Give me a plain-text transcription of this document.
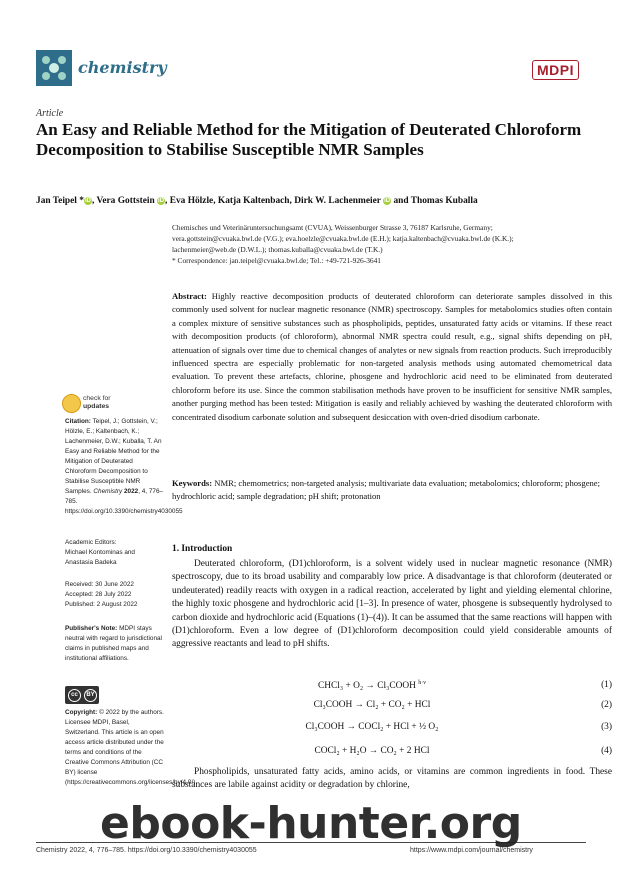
chemistry	MDPI
Article
An Easy and Reliable Method for the Mitigation of Deuterated Chloroform Decomposition to Stabilise Susceptible NMR Samples
Jan Teipel *iD, Vera Gottstein iD, Eva Hölzle, Katja Kaltenbach, Dirk W. Lachenmeier iD and Thomas Kuballa
Chemisches und Veterinäruntersuchungsamt (CVUA), Weissenburger Strasse 3, 76187 Karlsruhe, Germany;
vera.gottstein@cvuaka.bwl.de (V.G.); eva.hoelzle@cvuaka.bwl.de (E.H.); katja.kaltenbach@cvuaka.bwl.de (K.K.);
lachenmeier@web.de (D.W.L.); thomas.kuballa@cvuaka.bwl.de (T.K.)
* Correspondence: jan.teipel@cvuaka.bwl.de; Tel.: +49-721-926-3641
Abstract: Highly reactive decomposition products of deuterated chloroform can deteriorate samples dissolved in this commonly used solvent for nuclear magnetic resonance (NMR) spectroscopy. Samples for metabolomics studies often contain a complex mixture of sensitive substances such as phospholipids, peptides, unsaturated fatty acids or vitamins. If these react with decomposition products (of chloroform), abnormal NMR spectra could result, e.g., signal shifts depending on pH, attenuation of signals over time due to chemical changes of analytes or new signals from reaction products. Such irreproducibly influenced spectra are especially problematic for non-targeted analysis methods using automated chemometrical data evaluation. To prevent these artefacts, chlorine, phosgene and hydrochloric acid need to be eliminated from deuterated chloroform before its use. Since the common stabilisation methods have proven to be insufficient for sensitive NMR samples, another purging method has been tested: Mitigation is easily and reliably achieved by washing the deuterated chloroform with concentrated disodium carbonate solution and subsequent desiccation with oven-dried disodium carbonate.
Keywords: NMR; chemometrics; non-targeted analysis; multivariate data evaluation; metabolomics; chloroform; phosgene; hydrochloric acid; sample degradation; pH shift; protonation
check for
updates
Citation: Teipel, J.; Gottstein, V.; Hölzle, E.; Kaltenbach, K.; Lachenmeier, D.W.; Kuballa, T. An Easy and Reliable Method for the Mitigation of Deuterated Chloroform Decomposition to Stabilise Susceptible NMR Samples. Chemistry 2022, 4, 776–785. https://doi.org/10.3390/chemistry4030055
Academic Editors:
Michael Kontominas and
Anastasia Badeka
Received: 30 June 2022
Accepted: 28 July 2022
Published: 2 August 2022
Publisher's Note: MDPI stays neutral with regard to jurisdictional claims in published maps and institutional affiliations.
cc	BY
Copyright: © 2022 by the authors. Licensee MDPI, Basel, Switzerland. This article is an open access article distributed under the terms and conditions of the Creative Commons Attribution (CC BY) license (https://creativecommons.org/licenses/by/4.0/).
1. Introduction
Deuterated chloroform, (D1)chloroform, is a solvent widely used in nuclear magnetic resonance (NMR) spectroscopy, due to its broad usability and comparably low price. A disadvantage is that chloroform (deuterated or undeuterated) readily reacts with oxygen in a radical reaction, accelerated by light and yielding elemental chlorine, the highly toxic phosgene and hydrochloric acid [1–3]. In presence of water, phosgene is subsequently hydrolysed to carbon dioxide and hydrochloric acid (Equations (1)–(4)). It can be assumed that the same reactions will happen with (D1)chloroform. Even a low degree of (D1)chloroform decomposition could yield considerable amounts of aggressive reactants and lead to pH shifts.
CHCl₃ + O₂ → Cl₃COOH $^{h\cdot\nu}$	(1)
Cl₃COOH → Cl₂ + CO₂ + HCl	(2)
Cl₃COOH → COCl₂ + HCl + ½ O₂	(3)
COCl₂ + H₂O → CO₂ + 2 HCl	(4)
Phospholipids, unsaturated fatty acids, amino acids, or vitamins are common ingredients in food. These substances are labile against acidity or degradation by chlorine,
Chemistry 2022, 4, 776–785. https://doi.org/10.3390/chemistry4030055	https://www.mdpi.com/journal/chemistry
ebook-hunter.org
